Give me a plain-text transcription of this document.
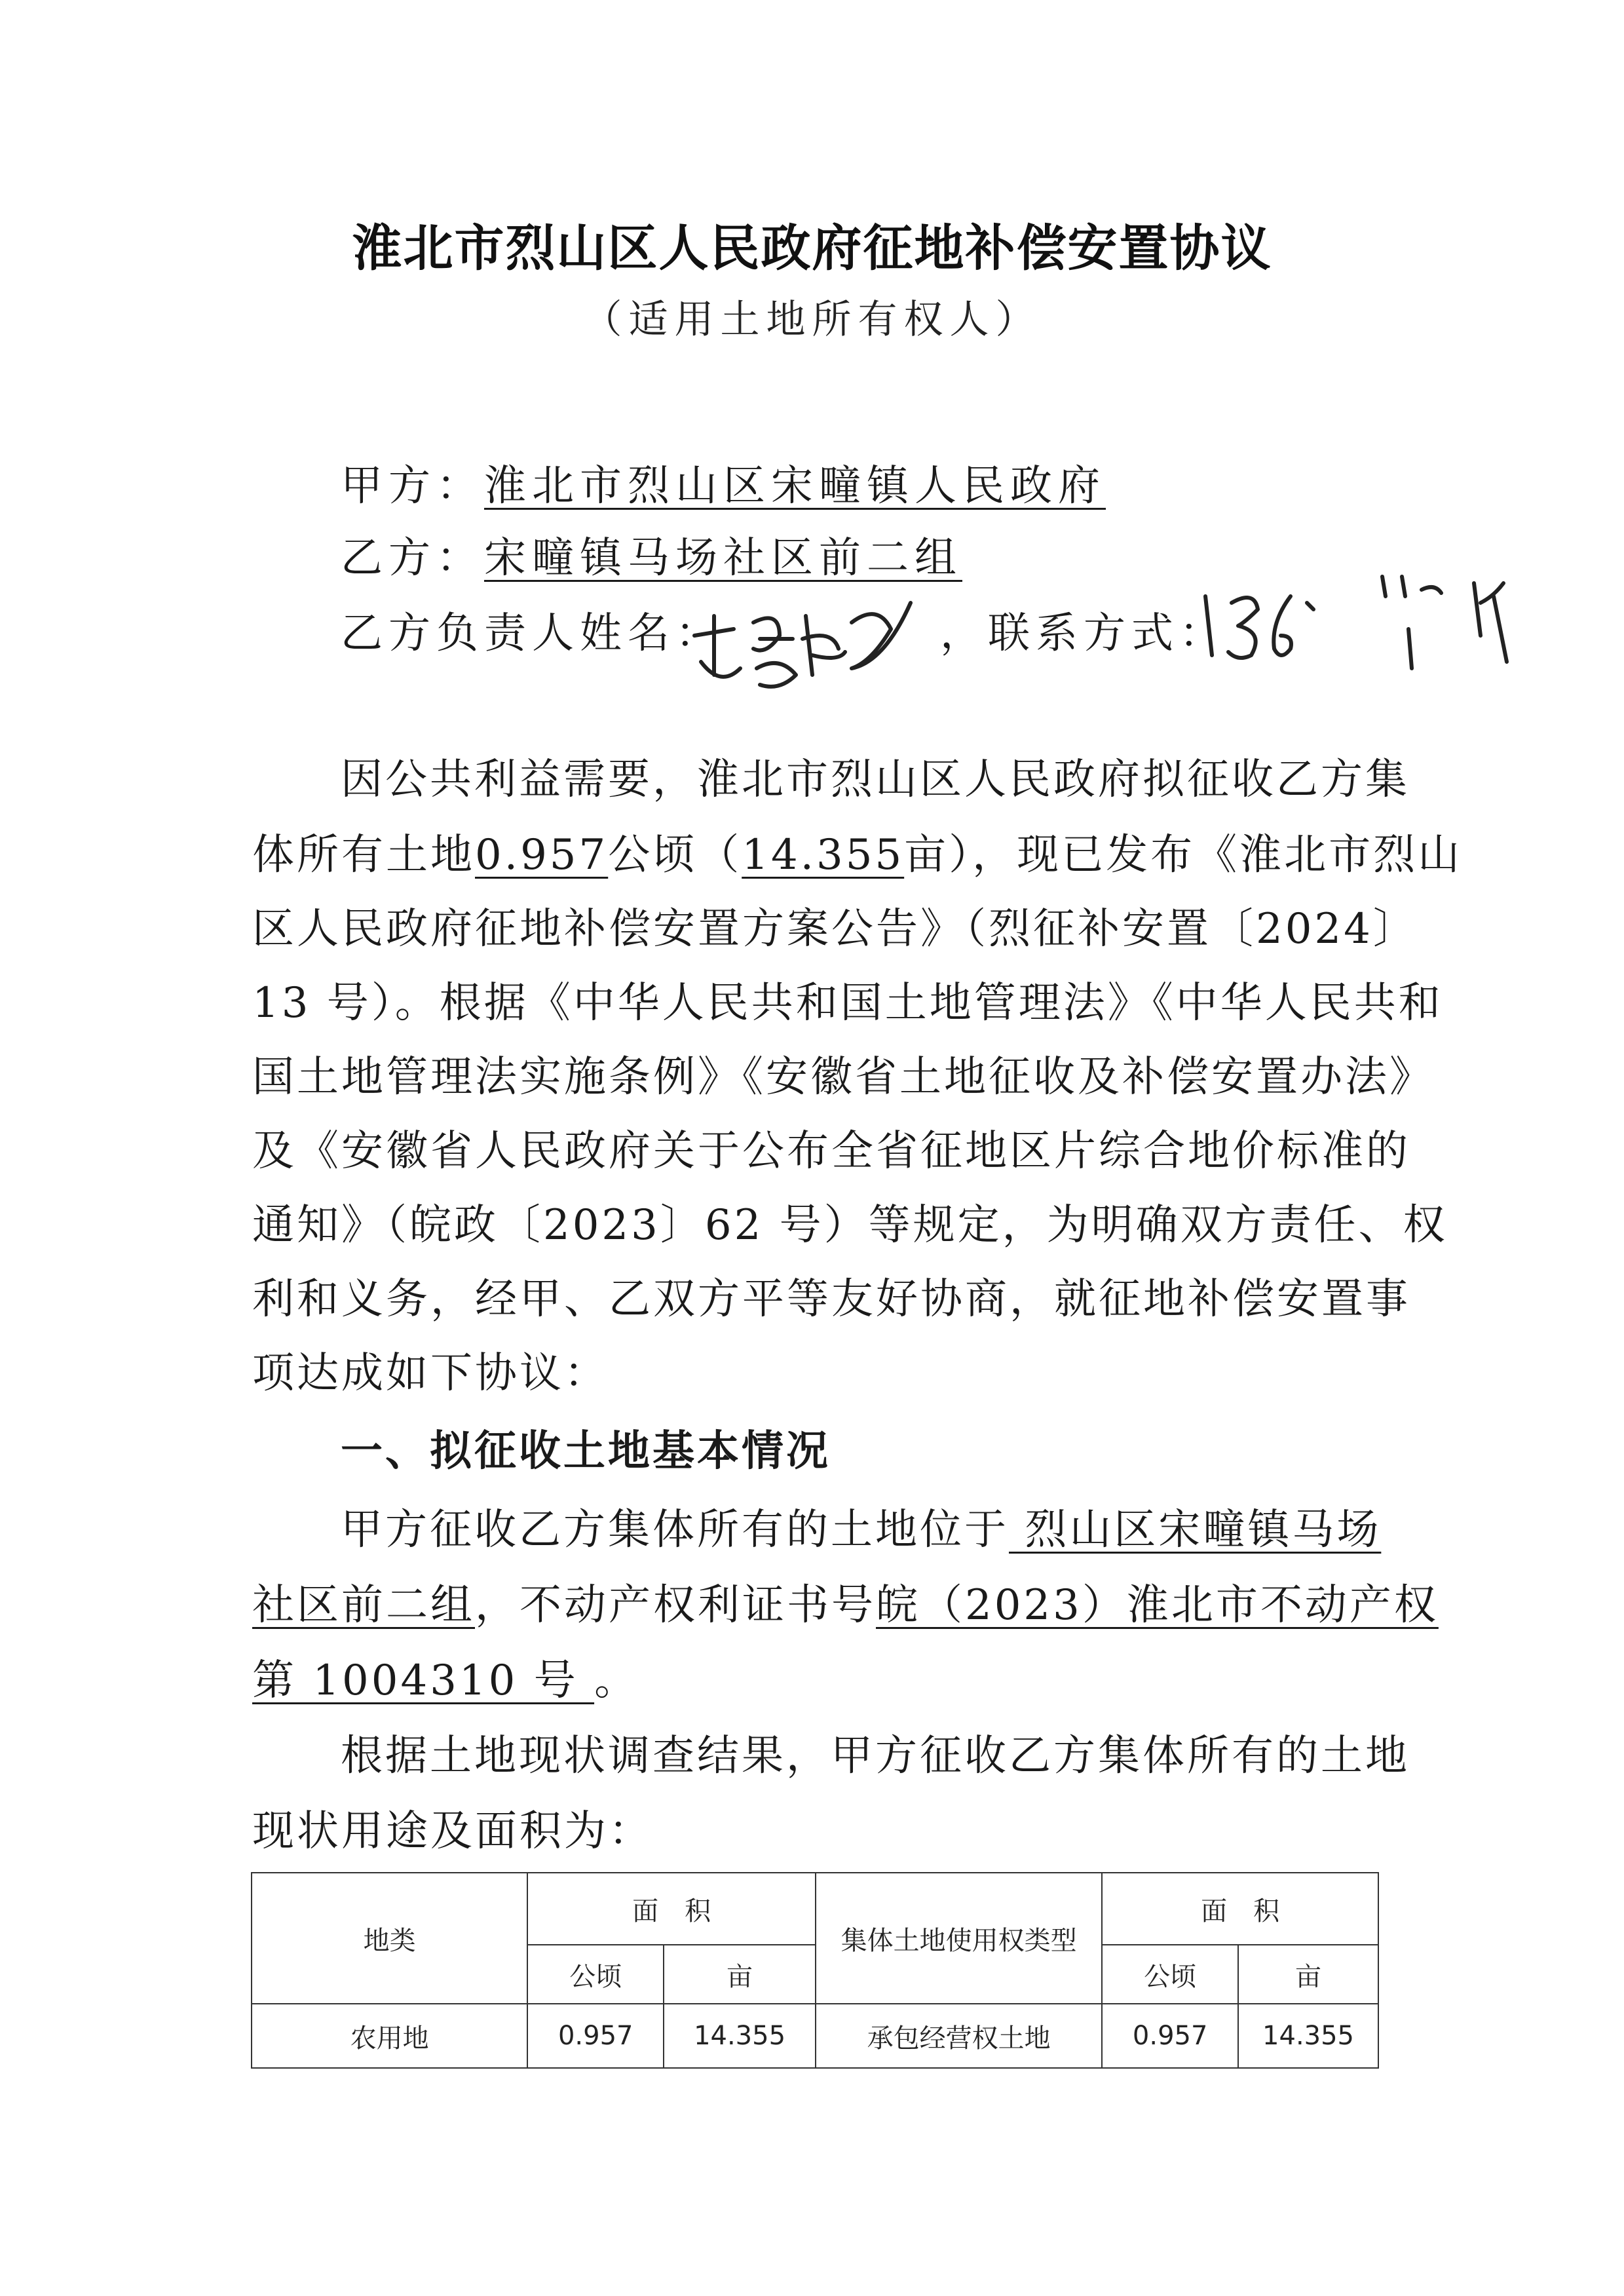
淮北市烈山区人民政府征地补偿安置协议
（适用土地所有权人）
甲方：淮北市烈山区宋疃镇人民政府
乙方：宋疃镇马场社区前二组
乙方负责人姓名：	，联系方式：
因公共利益需要，淮北市烈山区人民政府拟征收乙方集
体所有土地0.957公顷（14.355亩），现已发布《淮北市烈山
区人民政府征地补偿安置方案公告》（烈征补安置〔2024〕
13 号）。根据《中华人民共和国土地管理法》《中华人民共和
国土地管理法实施条例》《安徽省土地征收及补偿安置办法》
及《安徽省人民政府关于公布全省征地区片综合地价标准的
通知》（皖政〔2023〕62 号）等规定，为明确双方责任、权
利和义务，经甲、乙双方平等友好协商，就征地补偿安置事
项达成如下协议：
一、拟征收土地基本情况
甲方征收乙方集体所有的土地位于 烈山区宋疃镇马场
社区前二组，不动产权利证书号皖（2023）淮北市不动产权
第 1004310 号 。
根据土地现状调查结果，甲方征收乙方集体所有的土地
现状用途及面积为：
地类	面　积		集体土地使用权类型	面　积	
	公顷	亩		公顷	亩
农用地	0.957	14.355	承包经营权土地	0.957	14.355
